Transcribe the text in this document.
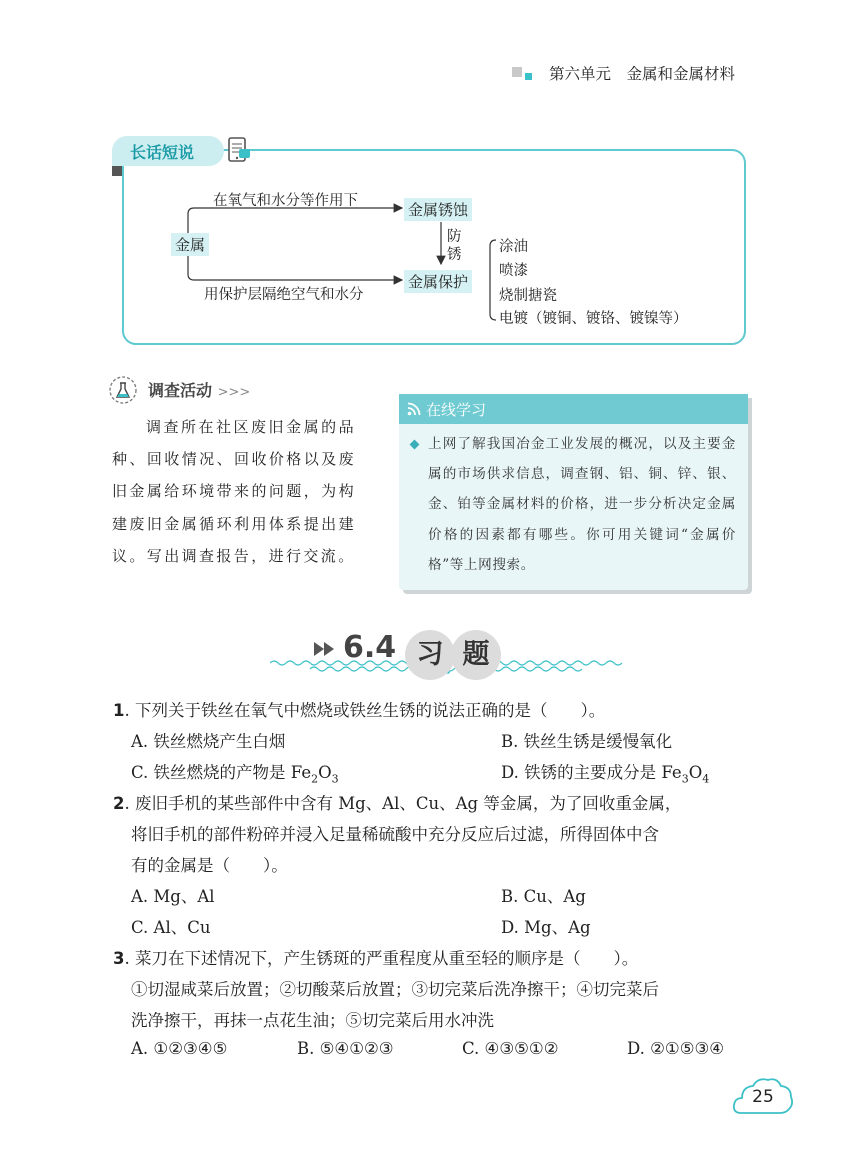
第六单元　金属和金属材料
长话短说
金属
在氧气和水分等作用下
用保护层隔绝空气和水分
金属锈蚀
金属保护
防
锈	涂油
喷漆
烧制搪瓷
电镀（镀铜、镀铬、镀镍等）
调查活动 >>>
调查所在社区废旧金属的品种、回收情况、回收价格以及废旧金属给环境带来的问题，为构建废旧金属循环利用体系提出建议。写出调查报告，进行交流。
在线学习
上网了解我国冶金工业发展的概况，以及主要金属的市场供求信息，调查钢、铝、铜、锌、银、金、铂等金属材料的价格，进一步分析决定金属价格的因素都有哪些。你可用关键词“金属价格”等上网搜索。
6.4 习 题
1. 下列关于铁丝在氧气中燃烧或铁丝生锈的说法正确的是（　　）。
A. 铁丝燃烧产生白烟	B. 铁丝生锈是缓慢氧化
C. 铁丝燃烧的产物是 $Fe_2O_3$	D. 铁锈的主要成分是 $Fe_3O_4$
2. 废旧手机的某些部件中含有 Mg、Al、Cu、Ag 等金属，为了回收重金属，
将旧手机的部件粉碎并浸入足量稀硫酸中充分反应后过滤，所得固体中含
有的金属是（　　）。
A. Mg、Al	B. Cu、Ag
C. Al、Cu	D. Mg、Ag
3. 菜刀在下述情况下，产生锈斑的严重程度从重至轻的顺序是（　　）。
①切湿咸菜后放置；②切酸菜后放置；③切完菜后洗净擦干；④切完菜后
洗净擦干，再抹一点花生油；⑤切完菜后用水冲洗
A. ①②③④⑤	B. ⑤④①②③	C. ④③⑤①②	D. ②①⑤③④
25
